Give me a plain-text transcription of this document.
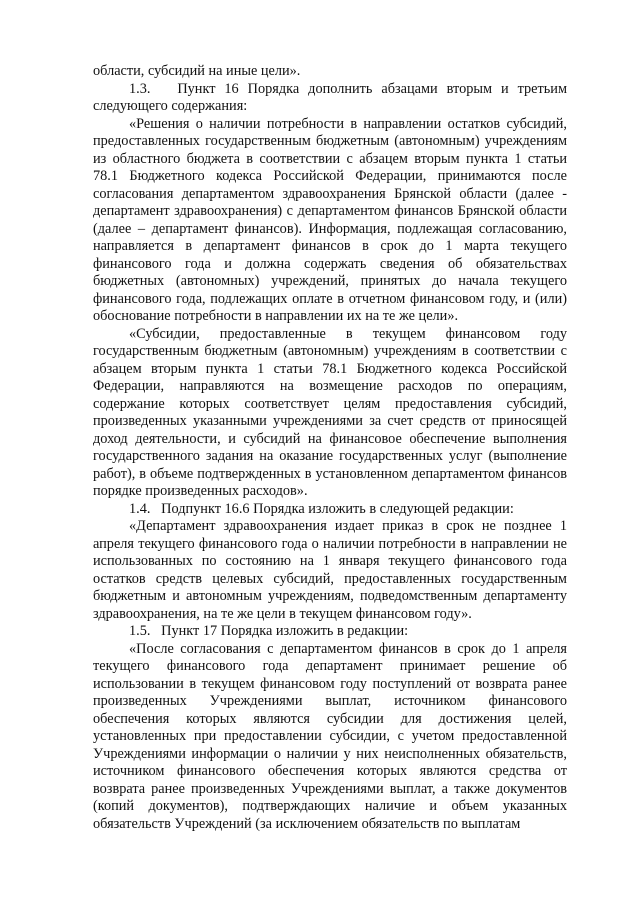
области, субсидий на иные цели».

1.3.   Пункт 16 Порядка дополнить абзацами вторым и третьим следующего содержания:

«Решения о наличии потребности в направлении остатков субсидий, предоставленных государственным бюджетным (автономным) учреждениям из областного бюджета в соответствии с абзацем вторым пункта 1 статьи 78.1 Бюджетного кодекса Российской Федерации, принимаются после согласования департаментом здравоохранения Брянской области (далее - департамент здравоохранения) с департаментом финансов Брянской области (далее – департамент финансов). Информация, подлежащая согласованию, направляется в департамент финансов в срок до 1 марта текущего финансового года и должна содержать сведения об обязательствах бюджетных (автономных) учреждений, принятых до начала текущего финансового года, подлежащих оплате в отчетном финансовом году, и (или) обоснование потребности в направлении их на те же цели».

«Субсидии, предоставленные в текущем финансовом году государственным бюджетным (автономным) учреждениям в соответствии с абзацем вторым пункта 1 статьи 78.1 Бюджетного кодекса Российской Федерации, направляются на возмещение расходов по операциям, содержание которых соответствует целям предоставления субсидий, произведенных указанными учреждениями за счет средств от приносящей доход деятельности, и субсидий на финансовое обеспечение выполнения государственного задания на оказание государственных услуг (выполнение работ), в объеме подтвержденных в установленном департаментом финансов порядке произведенных расходов».

1.4.   Подпункт 16.6 Порядка изложить в следующей редакции:

«Департамент здравоохранения издает приказ в срок не позднее 1 апреля текущего финансового года о наличии потребности в направлении не использованных по состоянию на 1 января текущего финансового года остатков средств целевых субсидий, предоставленных государственным бюджетным и автономным учреждениям, подведомственным департаменту здравоохранения, на те же цели в текущем финансовом году».

1.5.   Пункт 17 Порядка изложить в редакции:

«После согласования с департаментом финансов в срок до 1 апреля текущего финансового года департамент принимает решение об использовании в текущем финансовом году поступлений от возврата ранее произведенных Учреждениями выплат, источником финансового обеспечения которых являются субсидии для достижения целей, установленных при предоставлении субсидии, с учетом предоставленной Учреждениями информации о наличии у них неисполненных обязательств, источником финансового обеспечения которых являются средства от возврата ранее произведенных Учреждениями выплат, а также документов (копий документов), подтверждающих наличие и объем указанных обязательств Учреждений (за исключением обязательств по выплатам
